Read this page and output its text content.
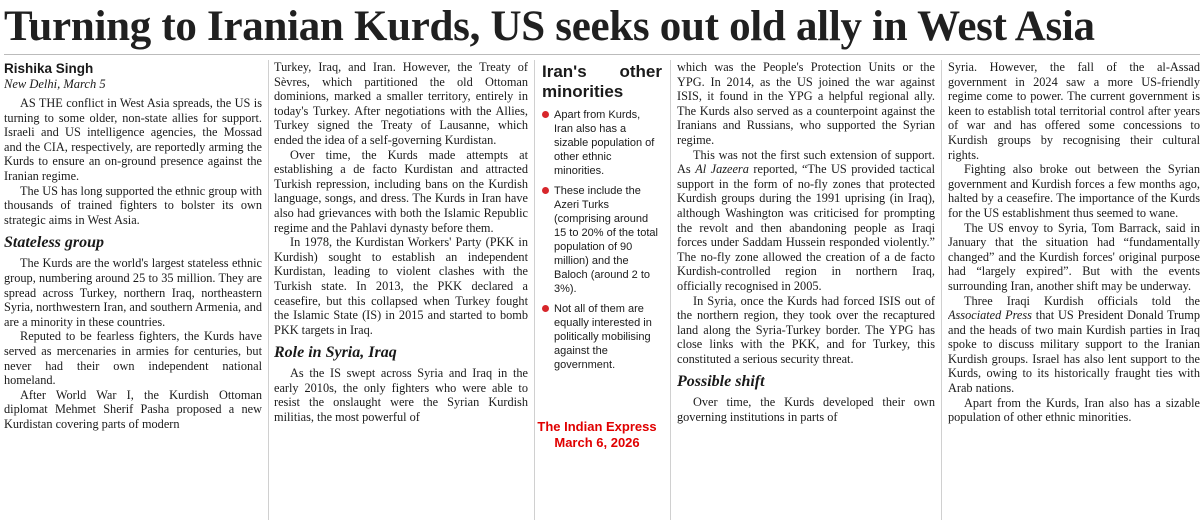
Turning to Iranian Kurds, US seeks out old ally in West Asia
Rishika Singh
New Delhi, March 5

AS THE conflict in West Asia spreads, the US is turning to some older, non-state allies for support. Israeli and US intelligence agencies, the Mossad and the CIA, respectively, are reportedly arming the Kurds to ensure an on-ground presence against the Iranian regime.

The US has long supported the ethnic group with thousands of trained fighters to bolster its own strategic aims in West Asia.

Stateless group

The Kurds are the world's largest stateless ethnic group, numbering around 25 to 35 million. They are spread across Turkey, northern Iraq, northeastern Syria, northwestern Iran, and southern Armenia, and are a minority in these countries.

Reputed to be fearless fighters, the Kurds have served as mercenaries in armies for centuries, but never had their own independent national homeland.

After World War I, the Kurdish Ottoman diplomat Mehmet Sherif Pasha proposed a new Kurdistan covering parts of modern

Turkey, Iraq, and Iran. However, the Treaty of Sèvres, which partitioned the old Ottoman dominions, marked a smaller territory, entirely in today's Turkey. After negotiations with the Allies, Turkey signed the Treaty of Lausanne, which ended the idea of a self-governing Kurdistan.

Over time, the Kurds made attempts at establishing a de facto Kurdistan and attracted Turkish repression, including bans on the Kurdish language, songs, and dress. The Kurds in Iran have also had grievances with both the Islamic Republic regime and the Pahlavi dynasty before them.

In 1978, the Kurdistan Workers' Party (PKK in Kurdish) sought to establish an independent Kurdistan, leading to violent clashes with the Turkish state. In 2013, the PKK declared a ceasefire, but this collapsed when Turkey fought the Islamic State (IS) in 2015 and started to bomb PKK targets in Iraq.

Role in Syria, Iraq

As the IS swept across Syria and Iraq in the early 2010s, the only fighters who were able to resist the onslaught were the Syrian Kurdish militias, the most powerful of

Iran's other minorities
Apart from Kurds, Iran also has a sizable population of other ethnic minorities.
These include the Azeri Turks (comprising around 15 to 20% of the total population of 90 million) and the Baloch (around 2 to 3%).
Not all of them are equally interested in politically mobilising against the government.
The Indian Express
March 6, 2026

which was the People's Protection Units or the YPG. In 2014, as the US joined the war against ISIS, it found in the YPG a helpful regional ally. The Kurds also served as a counterpoint against the Iranians and Russians, who supported the Syrian regime.

This was not the first such extension of support. As Al Jazeera reported, “The US provided tactical support in the form of no-fly zones that protected Kurdish groups during the 1991 uprising (in Iraq), although Washington was criticised for prompting the revolt and then abandoning people as Iraqi forces under Saddam Hussein responded violently.” The no-fly zone allowed the creation of a de facto Kurdish-controlled region in northern Iraq, officially recognised in 2005.

In Syria, once the Kurds had forced ISIS out of the northern region, they took over the recaptured land along the Syria-Turkey border. The YPG has close links with the PKK, and for Turkey, this constituted a serious security threat.

Possible shift

Over time, the Kurds developed their own governing institutions in parts of

Syria. However, the fall of the al-Assad government in 2024 saw a more US-friendly regime come to power. The current government is keen to establish total territorial control after years of war and has offered some concessions to Kurdish groups by recognising their cultural rights.

Fighting also broke out between the Syrian government and Kurdish forces a few months ago, halted by a ceasefire. The importance of the Kurds for the US establishment thus seemed to wane.

The US envoy to Syria, Tom Barrack, said in January that the situation had “fundamentally changed” and the Kurdish forces' original purpose had “largely expired”. But with the events surrounding Iran, another shift may be underway.

Three Iraqi Kurdish officials told the Associated Press that US President Donald Trump and the heads of two main Kurdish parties in Iraq spoke to discuss military support to the Iranian Kurdish groups. Israel has also lent support to the Kurds, owing to its historically fraught ties with Arab nations.

Apart from the Kurds, Iran also has a sizable population of other ethnic minorities.
